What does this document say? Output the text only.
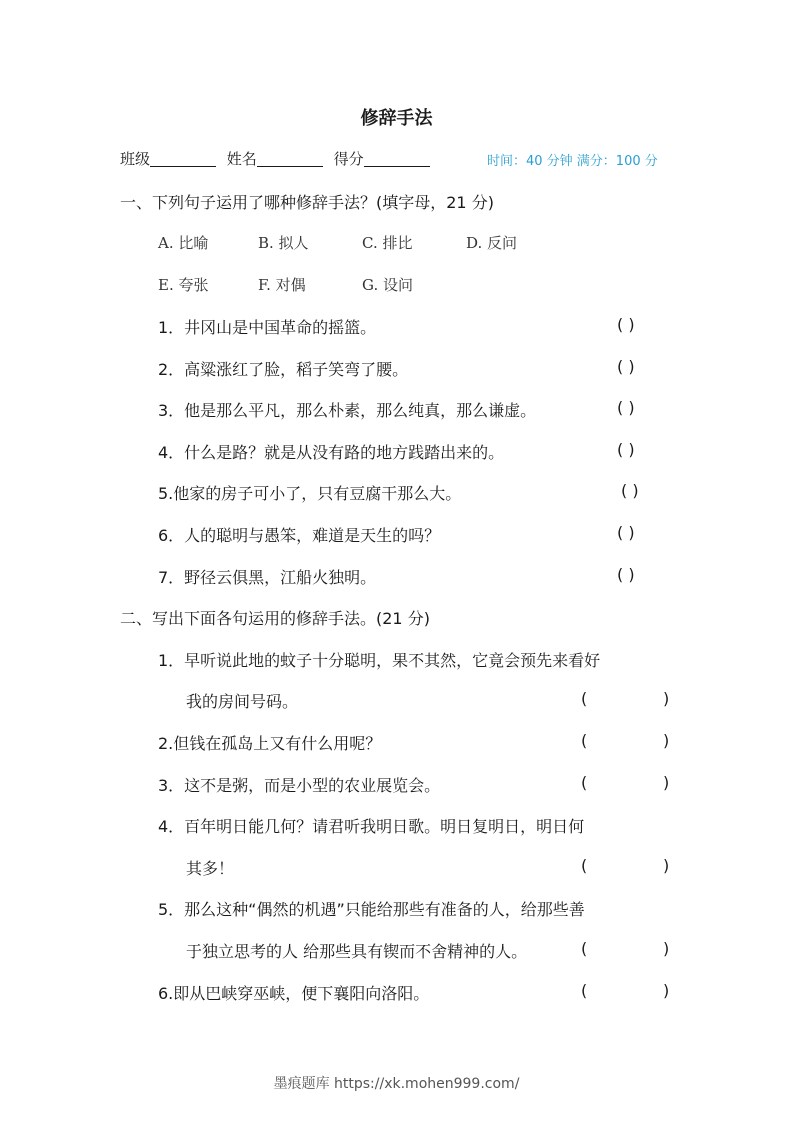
修辞手法
班级	姓名	得分	时间：40 分钟 满分：100 分
一、下列句子运用了哪种修辞手法？(填字母，21 分)
A. 比喻	B. 拟人	C. 排比	D. 反问
E. 夸张	F. 对偶	G. 设问
1．井冈山是中国革命的摇篮。	( )
2．高粱涨红了脸，稻子笑弯了腰。	( )
3．他是那么平凡，那么朴素，那么纯真，那么谦虚。	( )
4．什么是路？就是从没有路的地方践踏出来的。	( )
5.他家的房子可小了，只有豆腐干那么大。	( )
6．人的聪明与愚笨，难道是天生的吗？	( )
7．野径云俱黑，江船火独明。	( )
二、写出下面各句运用的修辞手法。(21 分)
1．早听说此地的蚊子十分聪明，果不其然，它竟会预先来看好
我的房间号码。	(	)
2.但钱在孤岛上又有什么用呢？	(	)
3．这不是粥，而是小型的农业展览会。	(	)
4．百年明日能几何？请君听我明日歌。明日复明日，明日何
其多！	(	)
5．那么这种“偶然的机遇”只能给那些有准备的人，给那些善
于独立思考的人 给那些具有锲而不舍精神的人。	(	)
6.即从巴峡穿巫峡，便下襄阳向洛阳。	(	)
墨痕题库 https://xk.mohen999.com/
